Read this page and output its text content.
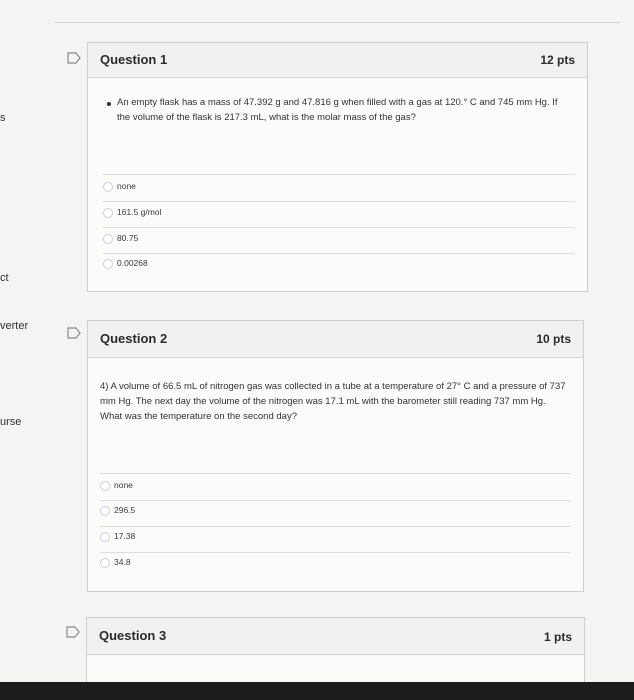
s
ct
verter
urse
Question 1	12 pts
An empty flask has a mass of 47.392 g and 47.816 g when filled with a gas at 120.° C and 745 mm Hg. If the volume of the flask is 217.3 mL, what is the molar mass of the gas?
none
161.5 g/mol
80.75
0.00268
Question 2	10 pts
4) A volume of 66.5 mL of nitrogen gas was collected in a tube at a temperature of 27° C and a pressure of 737 mm Hg. The next day the volume of the nitrogen was 17.1 mL with the barometer still reading 737 mm Hg. What was the temperature on the second day?
none
296.5
17.38
34.8
Question 3	1 pts
